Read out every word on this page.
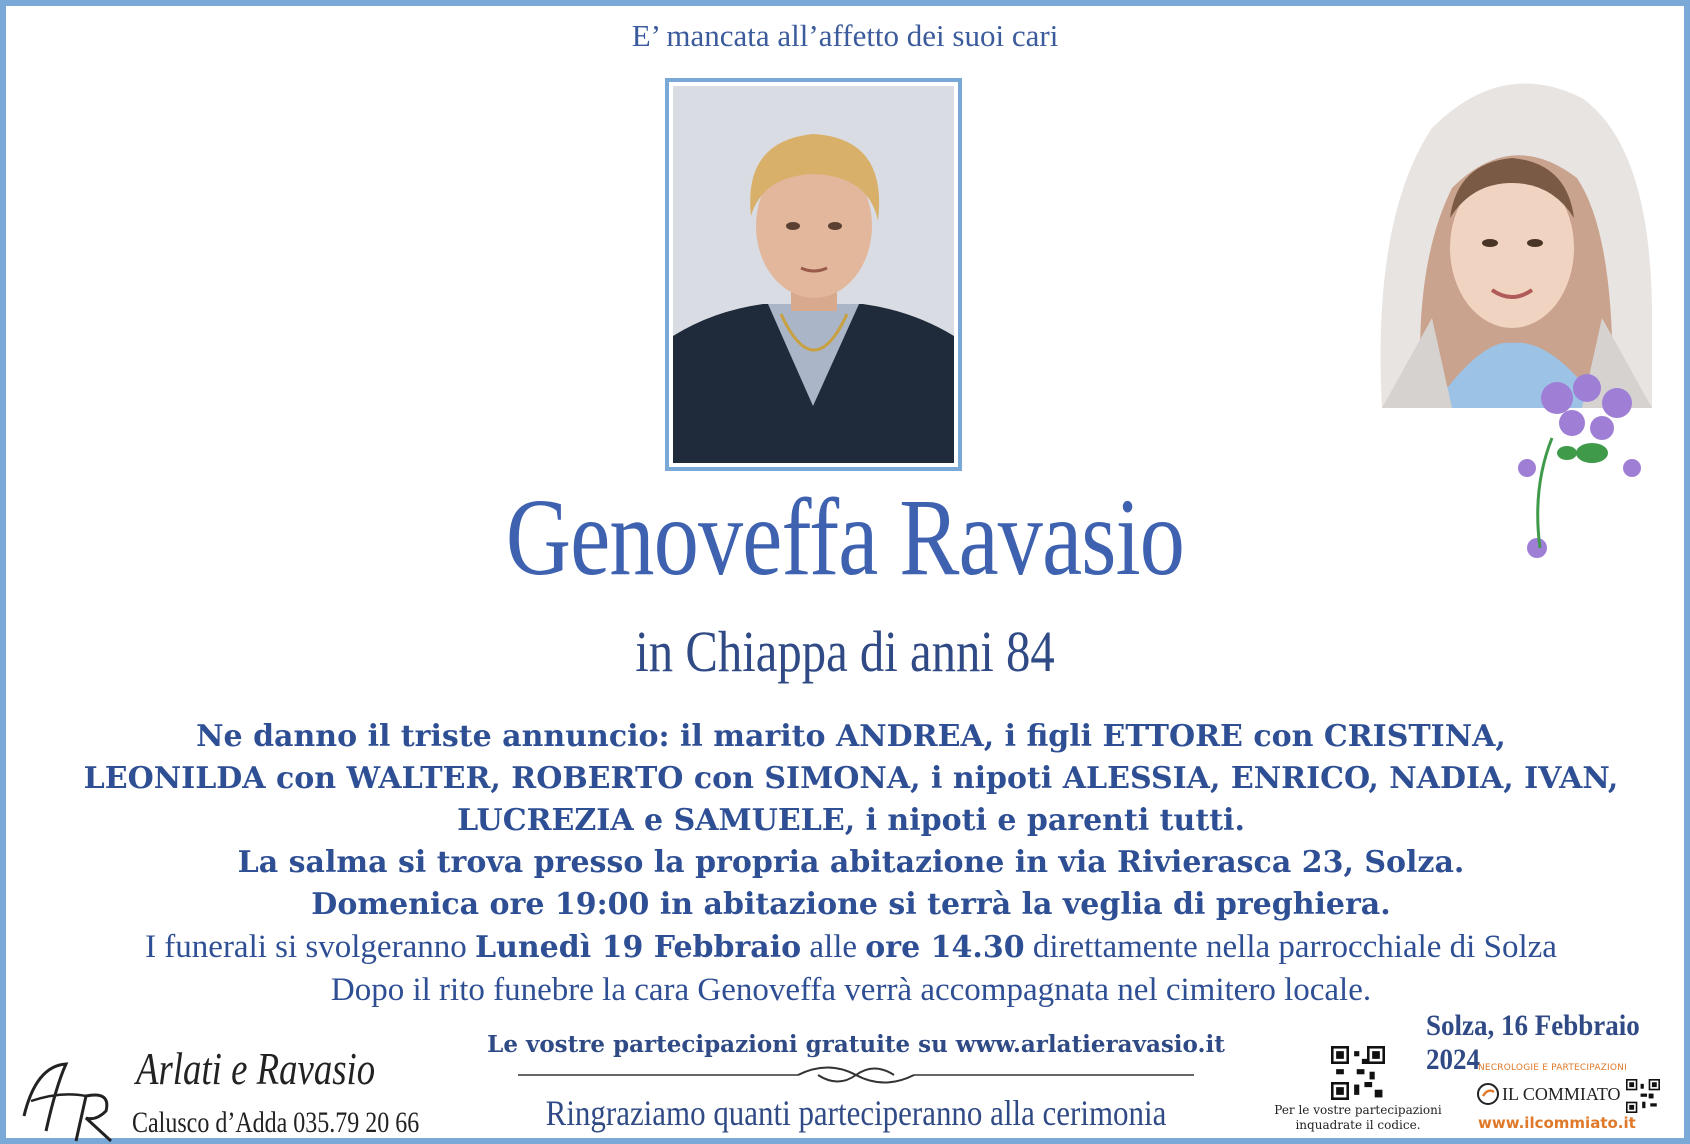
E’ mancata all’affetto dei suoi cari
Genoveffa Ravasio
in Chiappa di anni 84
Ne danno il triste annuncio: il marito ANDREA, i figli ETTORE con CRISTINA,
LEONILDA con WALTER, ROBERTO con SIMONA, i nipoti ALESSIA, ENRICO, NADIA, IVAN,
LUCREZIA e SAMUELE, i nipoti e parenti tutti.
La salma si trova presso la propria abitazione in via Rivierasca 23, Solza.
Domenica ore 19:00 in abitazione si terrà la veglia di preghiera.
I funerali si svolgeranno Lunedì 19 Febbraio alle ore 14.30 direttamente nella parrocchiale di Solza
Dopo il rito funebre la cara Genoveffa verrà accompagnata nel cimitero locale.
Solza, 16 Febbraio 2024
Arlati e Ravasio
Calusco d’Adda 035.79 20 66
Le vostre partecipazioni gratuite su www.arlatieravasio.it
Ringraziamo quanti parteciperanno alla cerimonia	Per le vostre partecipazioni
inquadrate il codice.
NECROLOGIE E PARTECIPAZIONI
IL COMMIATO
www.ilcommiato.it
